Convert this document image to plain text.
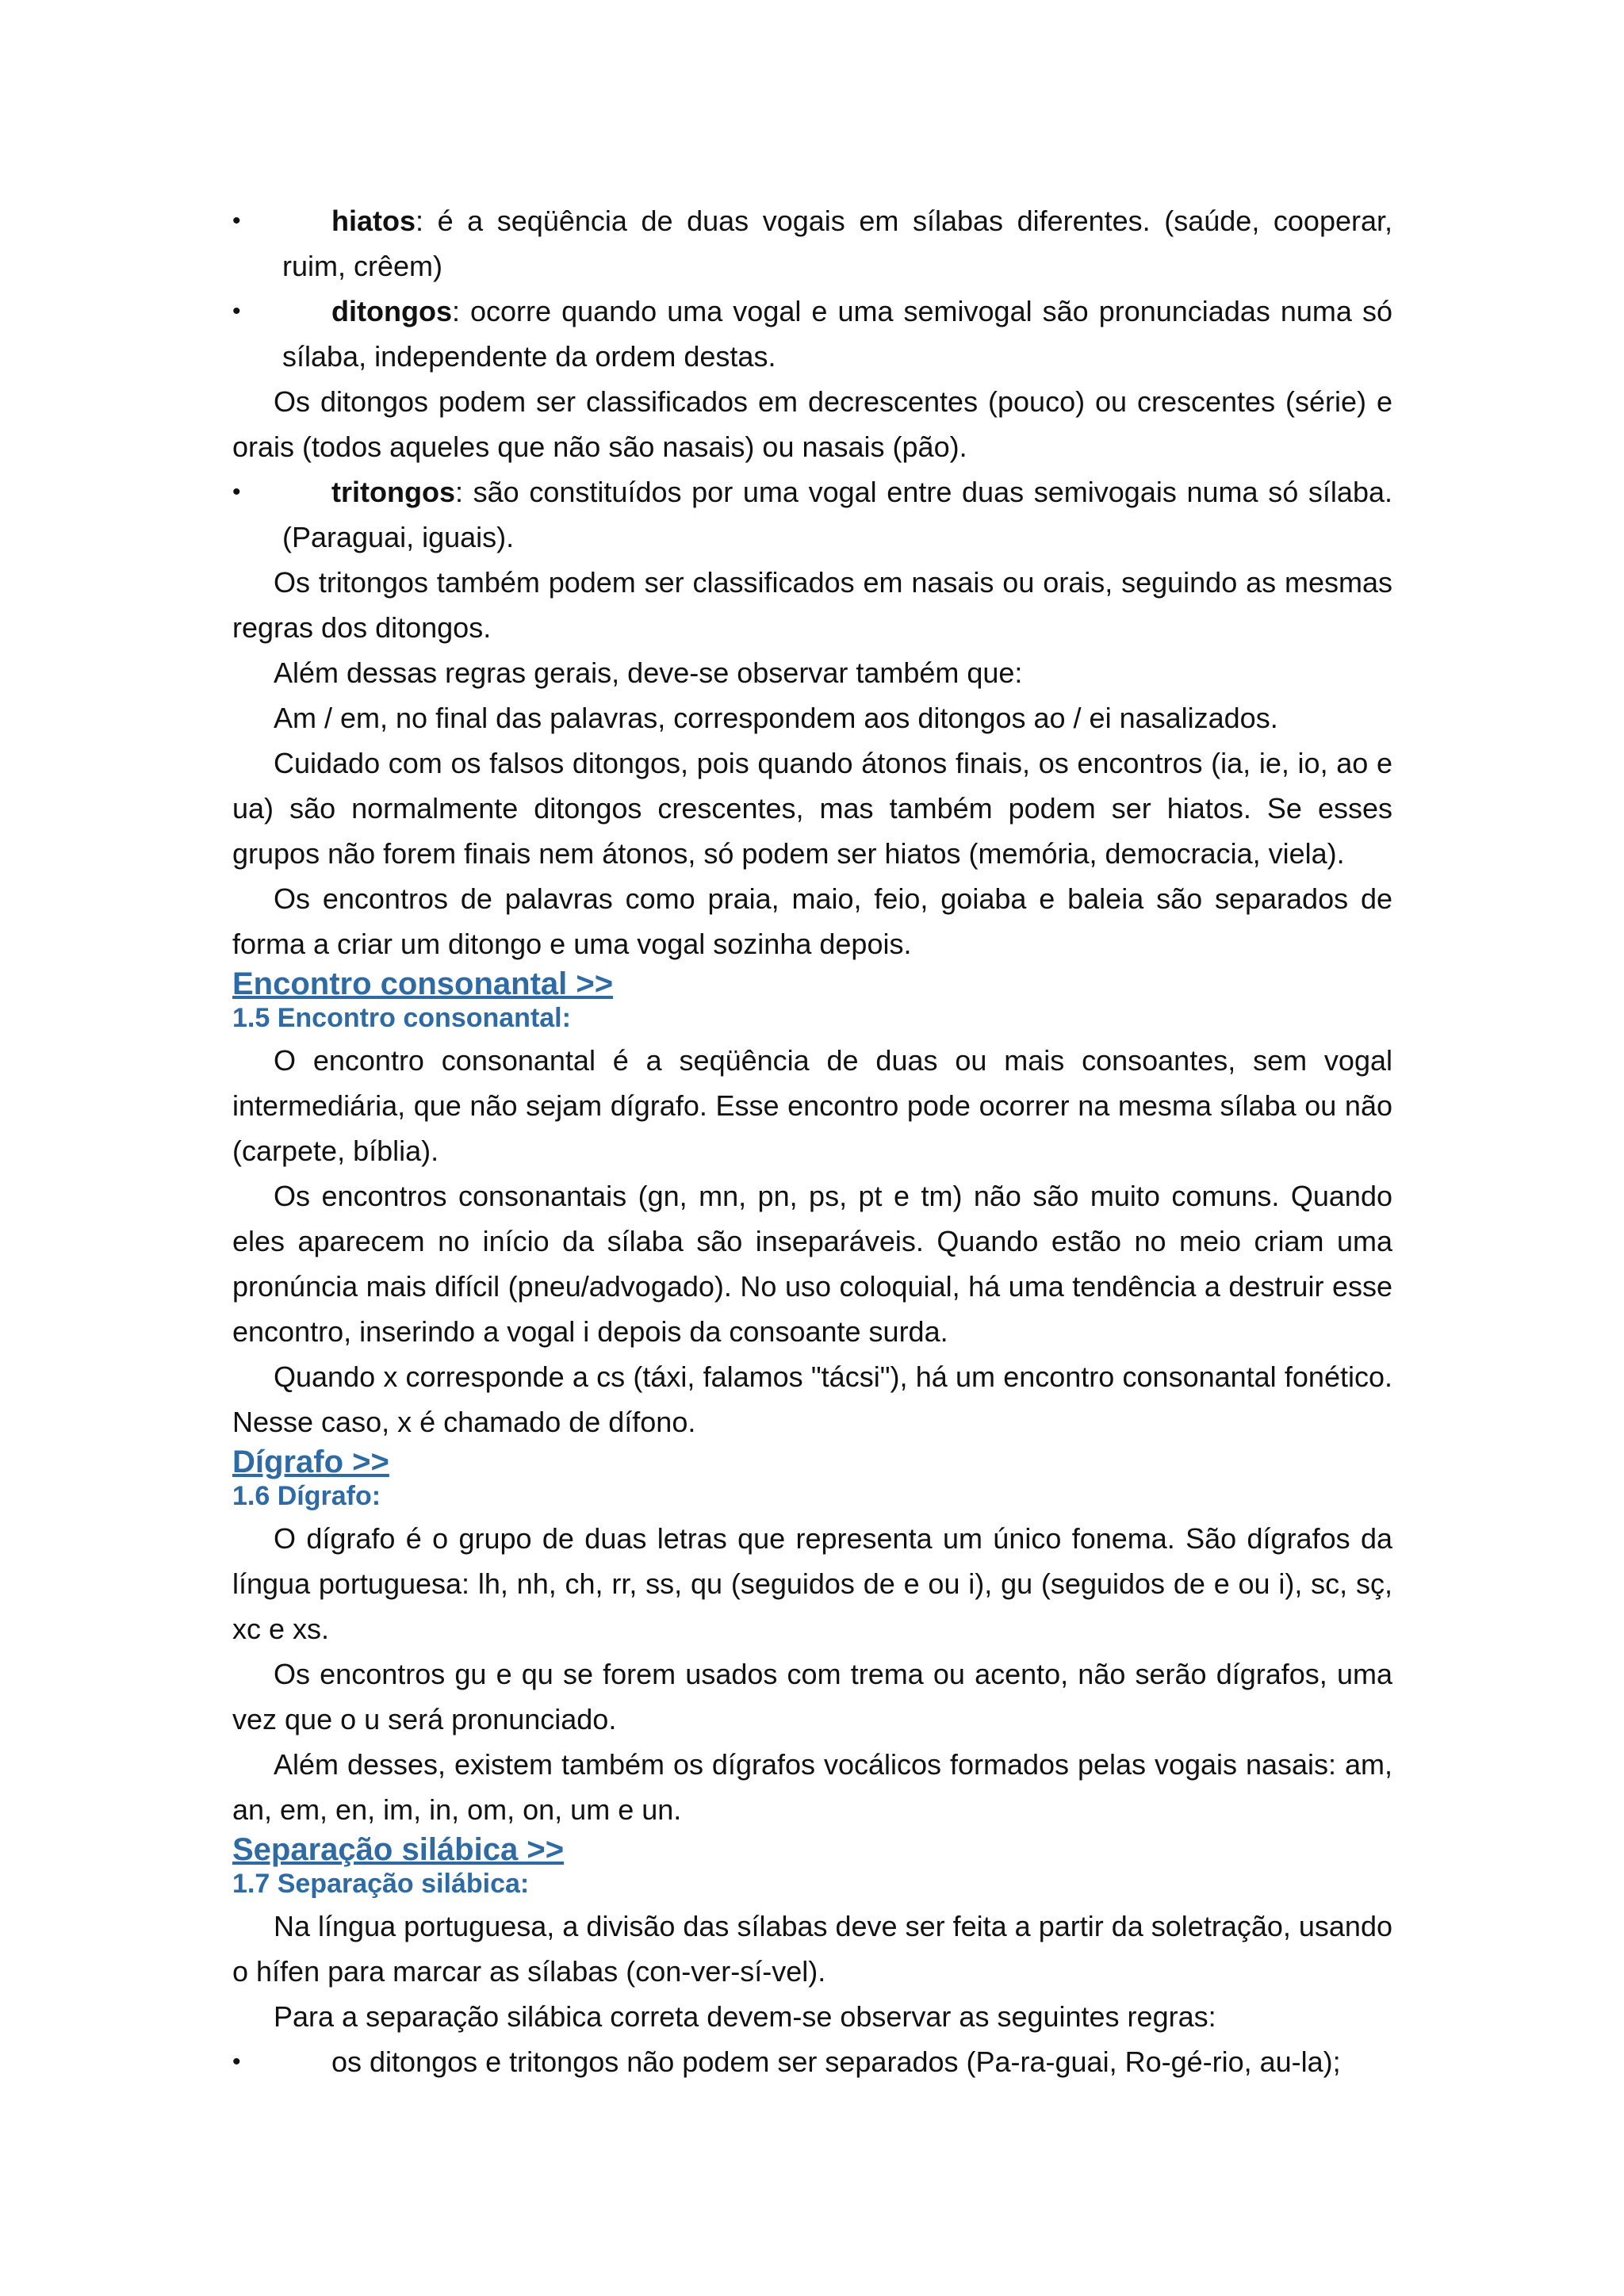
•	hiatos: é a seqüência de duas vogais em sílabas diferentes. (saúde, cooperar, ruim, crêem)

•	ditongos: ocorre quando uma vogal e uma semivogal são pronunciadas numa só sílaba, independente da ordem destas.

Os ditongos podem ser classificados em decrescentes (pouco) ou crescentes (série) e orais (todos aqueles que não são nasais) ou nasais (pão).

•	tritongos: são constituídos por uma vogal entre duas semivogais numa só sílaba. (Paraguai, iguais).

Os tritongos também podem ser classificados em nasais ou orais, seguindo as mesmas regras dos ditongos.

Além dessas regras gerais, deve-se observar também que:

Am / em, no final das palavras, correspondem aos ditongos ao / ei nasalizados.

Cuidado com os falsos ditongos, pois quando átonos finais, os encontros (ia, ie, io, ao e ua) são normalmente ditongos crescentes, mas também podem ser hiatos. Se esses grupos não forem finais nem átonos, só podem ser hiatos (memória, democracia, viela).

Os encontros de palavras como praia, maio, feio, goiaba e baleia são separados de forma a criar um ditongo e uma vogal sozinha depois.

Encontro consonantal >>

1.5 Encontro consonantal:

O encontro consonantal é a seqüência de duas ou mais consoantes, sem vogal intermediária, que não sejam dígrafo. Esse encontro pode ocorrer na mesma sílaba ou não (carpete, bíblia).

Os encontros consonantais (gn, mn, pn, ps, pt e tm) não são muito comuns. Quando eles aparecem no início da sílaba são inseparáveis. Quando estão no meio criam uma pronúncia mais difícil (pneu/advogado). No uso coloquial, há uma tendência a destruir esse encontro, inserindo a vogal i depois da consoante surda.

Quando x corresponde a cs (táxi, falamos "tácsi"), há um encontro consonantal fonético. Nesse caso, x é chamado de dífono.

Dígrafo >>

1.6 Dígrafo:

O dígrafo é o grupo de duas letras que representa um único fonema. São dígrafos da língua portuguesa: lh, nh, ch, rr, ss, qu (seguidos de e ou i), gu (seguidos de e ou i), sc, sç, xc e xs.

Os encontros gu e qu se forem usados com trema ou acento, não serão dígrafos, uma vez que o u será pronunciado.

Além desses, existem também os dígrafos vocálicos formados pelas vogais nasais: am, an, em, en, im, in, om, on, um e un.

Separação silábica >>

1.7 Separação silábica:

Na língua portuguesa, a divisão das sílabas deve ser feita a partir da soletração, usando o hífen para marcar as sílabas (con-ver-sí-vel).

Para a separação silábica correta devem-se observar as seguintes regras:

•	os ditongos e tritongos não podem ser separados (Pa-ra-guai, Ro-gé-rio, au-la);
